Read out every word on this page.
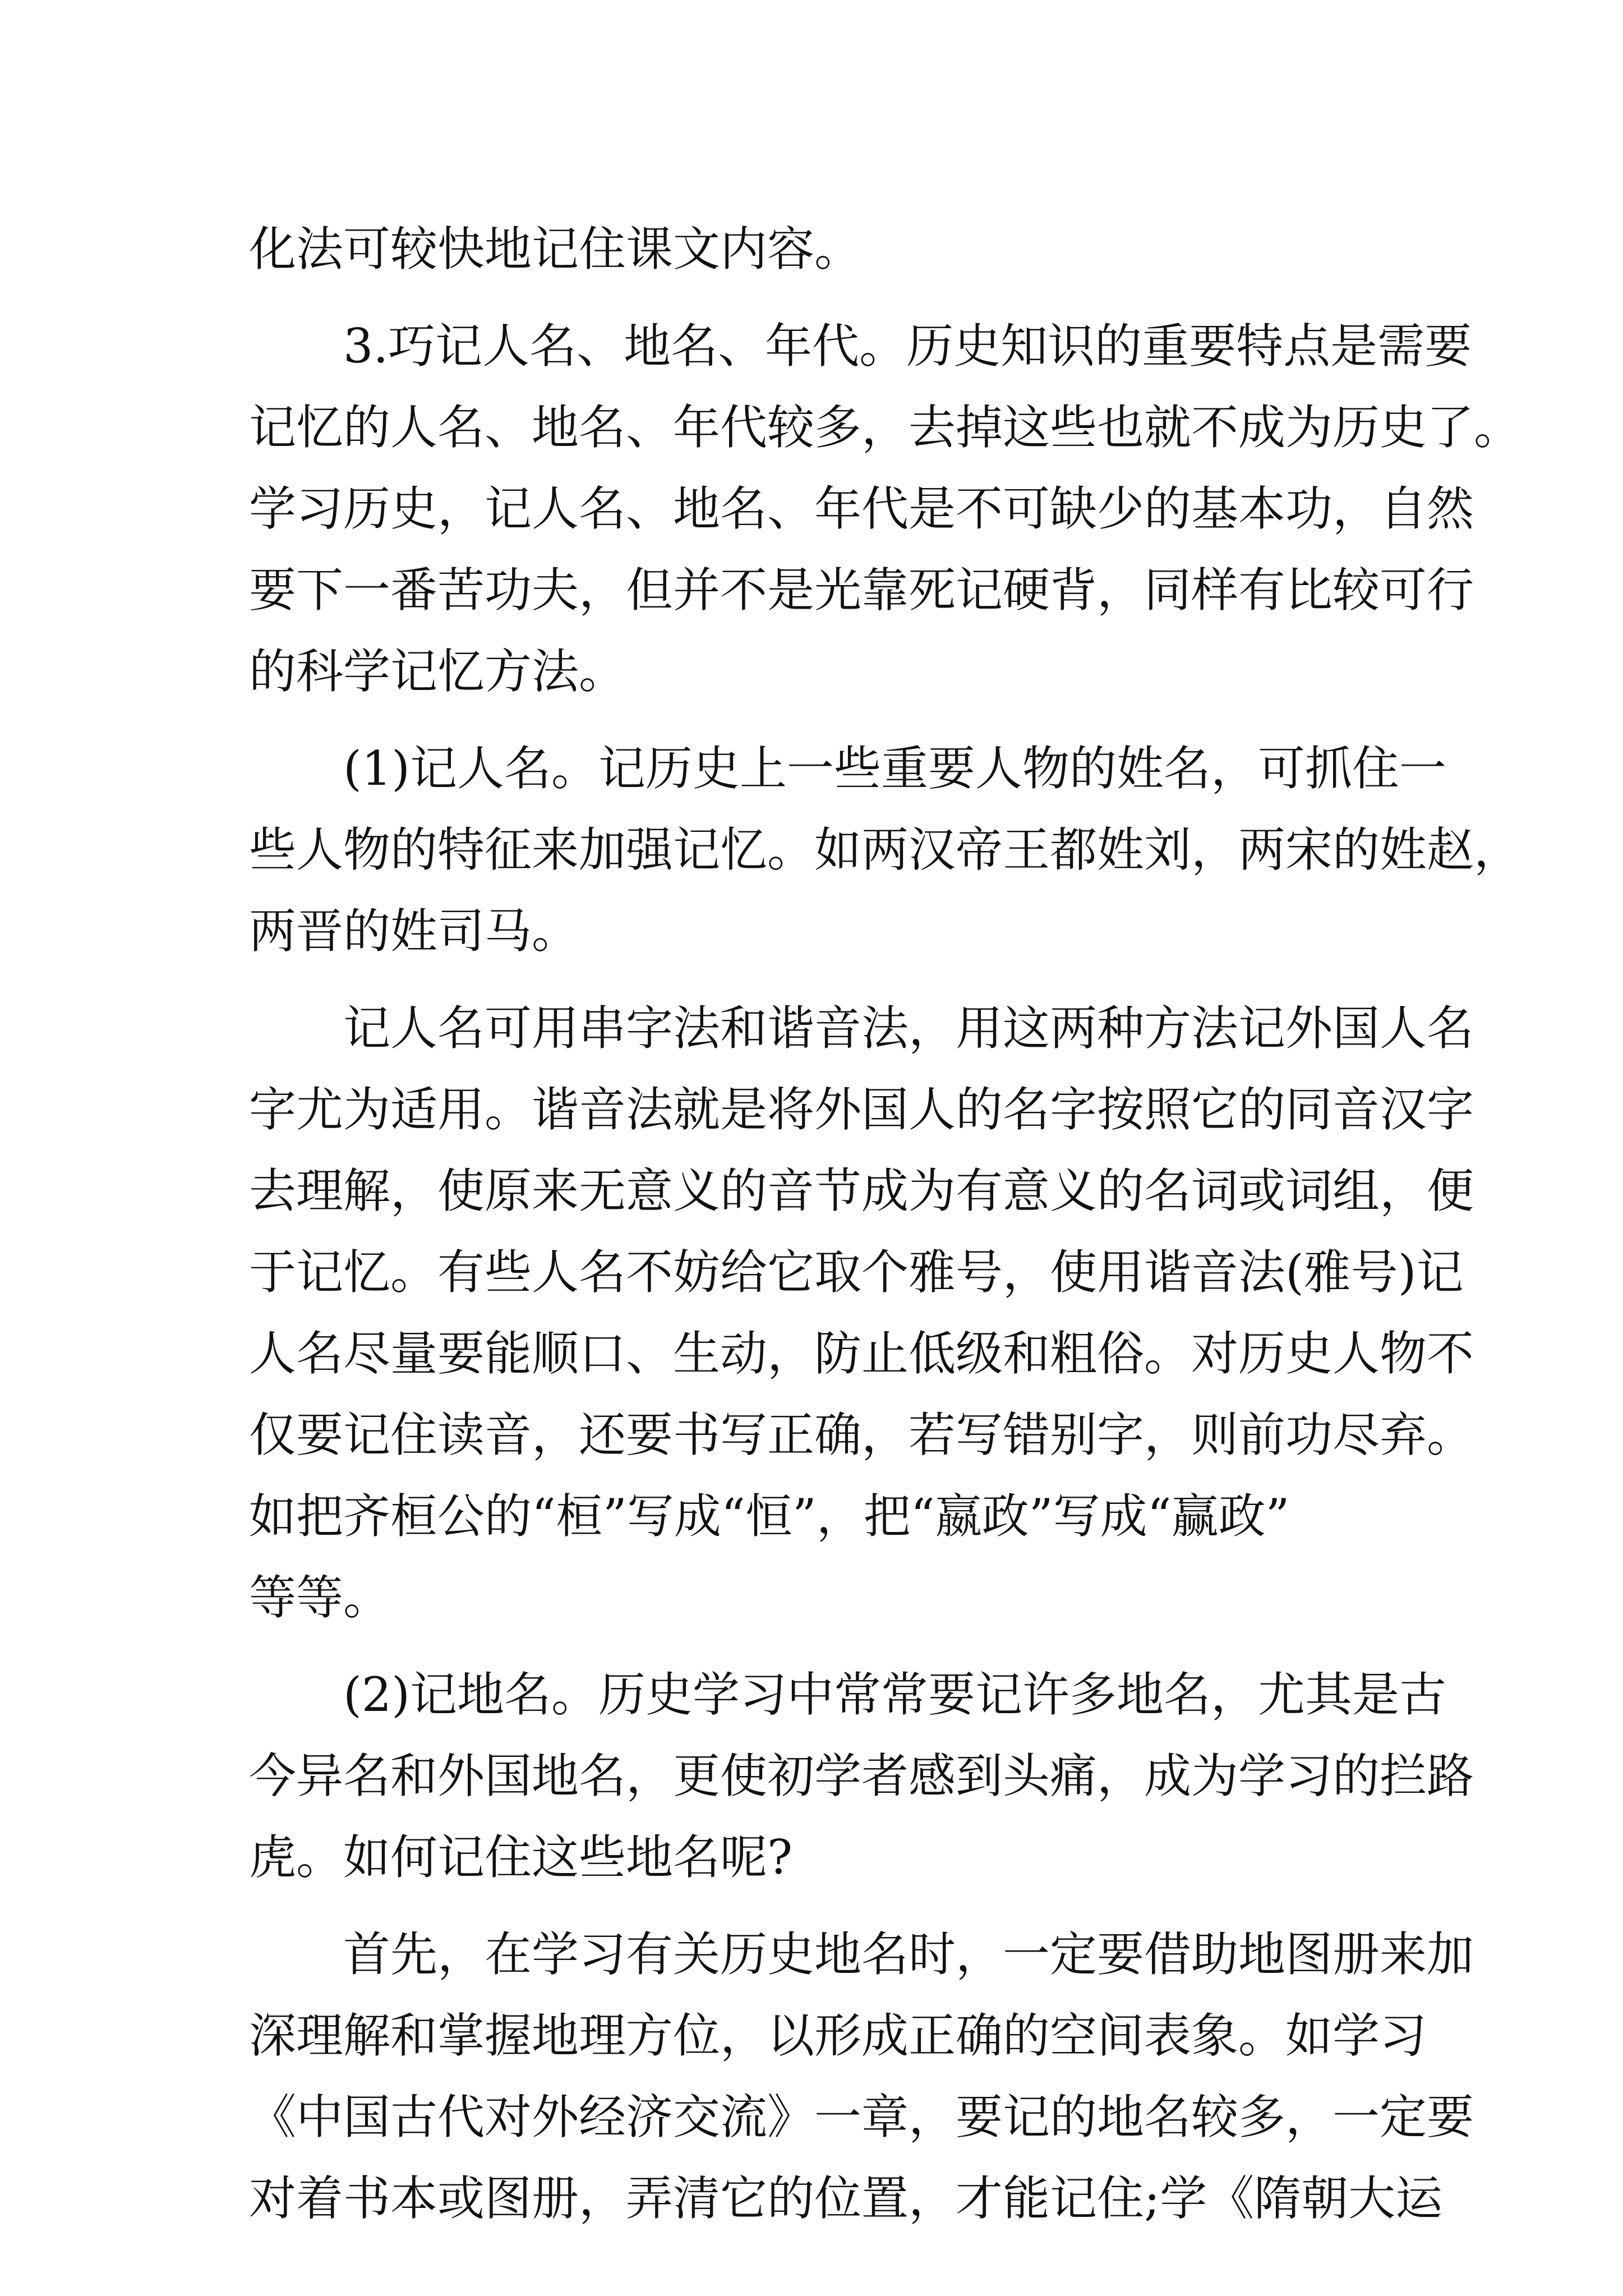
化法可较快地记住课文内容。
3.巧记人名、地名、年代。历史知识的重要特点是需要
记忆的人名、地名、年代较多，去掉这些也就不成为历史了。
学习历史，记人名、地名、年代是不可缺少的基本功，自然
要下一番苦功夫，但并不是光靠死记硬背，同样有比较可行
的科学记忆方法。
(1)记人名。记历史上一些重要人物的姓名，可抓住一
些人物的特征来加强记忆。如两汉帝王都姓刘，两宋的姓赵，
两晋的姓司马。
记人名可用串字法和谐音法，用这两种方法记外国人名
字尤为适用。谐音法就是将外国人的名字按照它的同音汉字
去理解，使原来无意义的音节成为有意义的名词或词组，便
于记忆。有些人名不妨给它取个雅号，使用谐音法(雅号)记
人名尽量要能顺口、生动，防止低级和粗俗。对历史人物不
仅要记住读音，还要书写正确，若写错别字，则前功尽弃。
如把齐桓公的“桓”写成“恒”，把“嬴政”写成“赢政”
等等。
(2)记地名。历史学习中常常要记许多地名，尤其是古
今异名和外国地名，更使初学者感到头痛，成为学习的拦路
虎。如何记住这些地名呢?
首先，在学习有关历史地名时，一定要借助地图册来加
深理解和掌握地理方位，以形成正确的空间表象。如学习
《中国古代对外经济交流》一章，要记的地名较多，一定要
对着书本或图册，弄清它的位置，才能记住;学《隋朝大运
